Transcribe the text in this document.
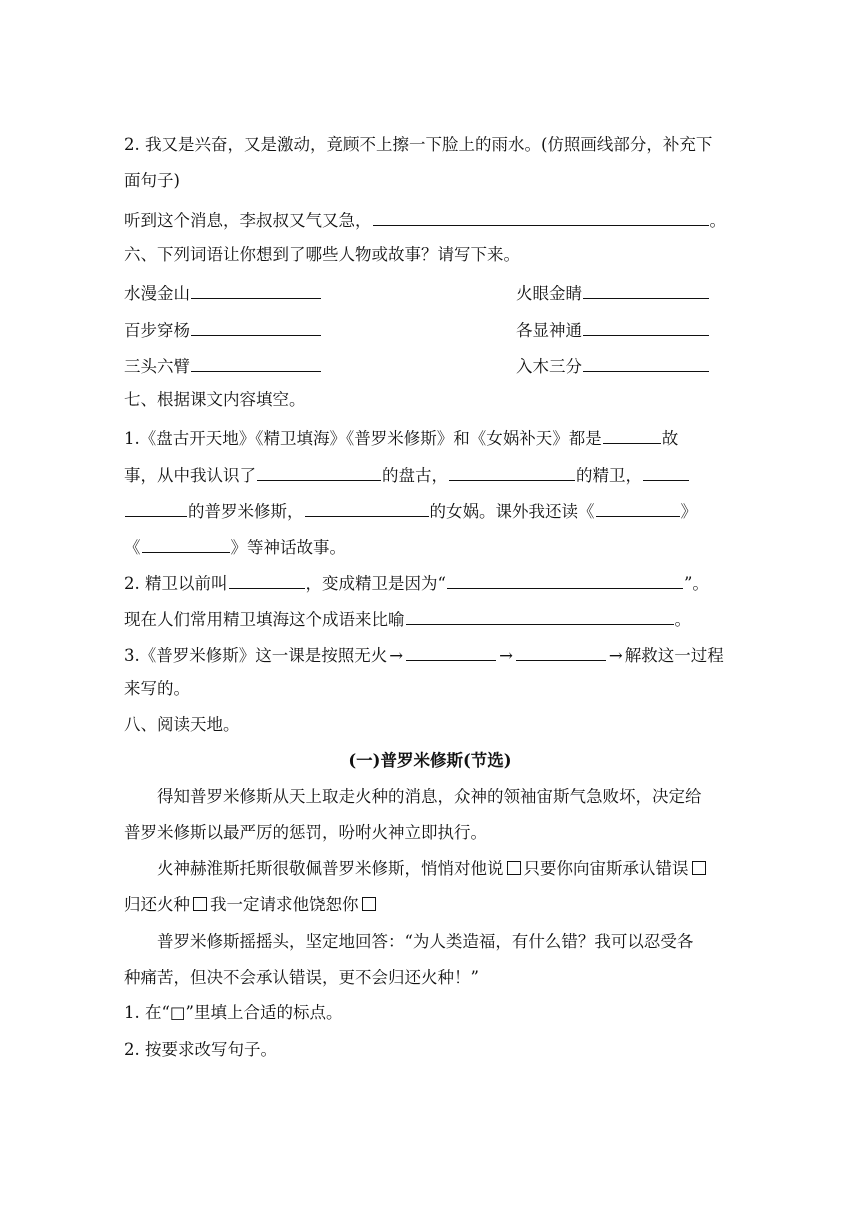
2. 我又是兴奋，又是激动，竟顾不上擦一下脸上的雨水。(仿照画线部分，补充下
面句子)
听到这个消息，李叔叔又气又急，	。
六、下列词语让你想到了哪些人物或故事？请写下来。
水漫金山	火眼金睛
百步穿杨	各显神通
三头六臂	入木三分
七、根据课文内容填空。
1.《盘古开天地》《精卫填海》《普罗米修斯》和《女娲补天》都是	故
事，从中我认识了	的盘古，	的精卫，
的普罗米修斯，	的女娲。课外我还读《	》
《	》等神话故事。
2. 精卫以前叫	，变成精卫是因为“	”。
现在人们常用精卫填海这个成语来比喻	。
3.《普罗米修斯》这一课是按照无火 →	→	→ 解救这一过程
来写的。
八、阅读天地。
(一)普罗米修斯(节选)
得知普罗米修斯从天上取走火种的消息，众神的领袖宙斯气急败坏，决定给
普罗米修斯以最严厉的惩罚，吩咐火神立即执行。
火神赫淮斯托斯很敬佩普罗米修斯，悄悄对他说 只要你向宙斯承认错误
归还火种 我一定请求他饶恕你
普罗米修斯摇摇头，坚定地回答：“为人类造福，有什么错？我可以忍受各
种痛苦，但决不会承认错误，更不会归还火种！”
1. 在“□”里填上合适的标点。
2. 按要求改写句子。
